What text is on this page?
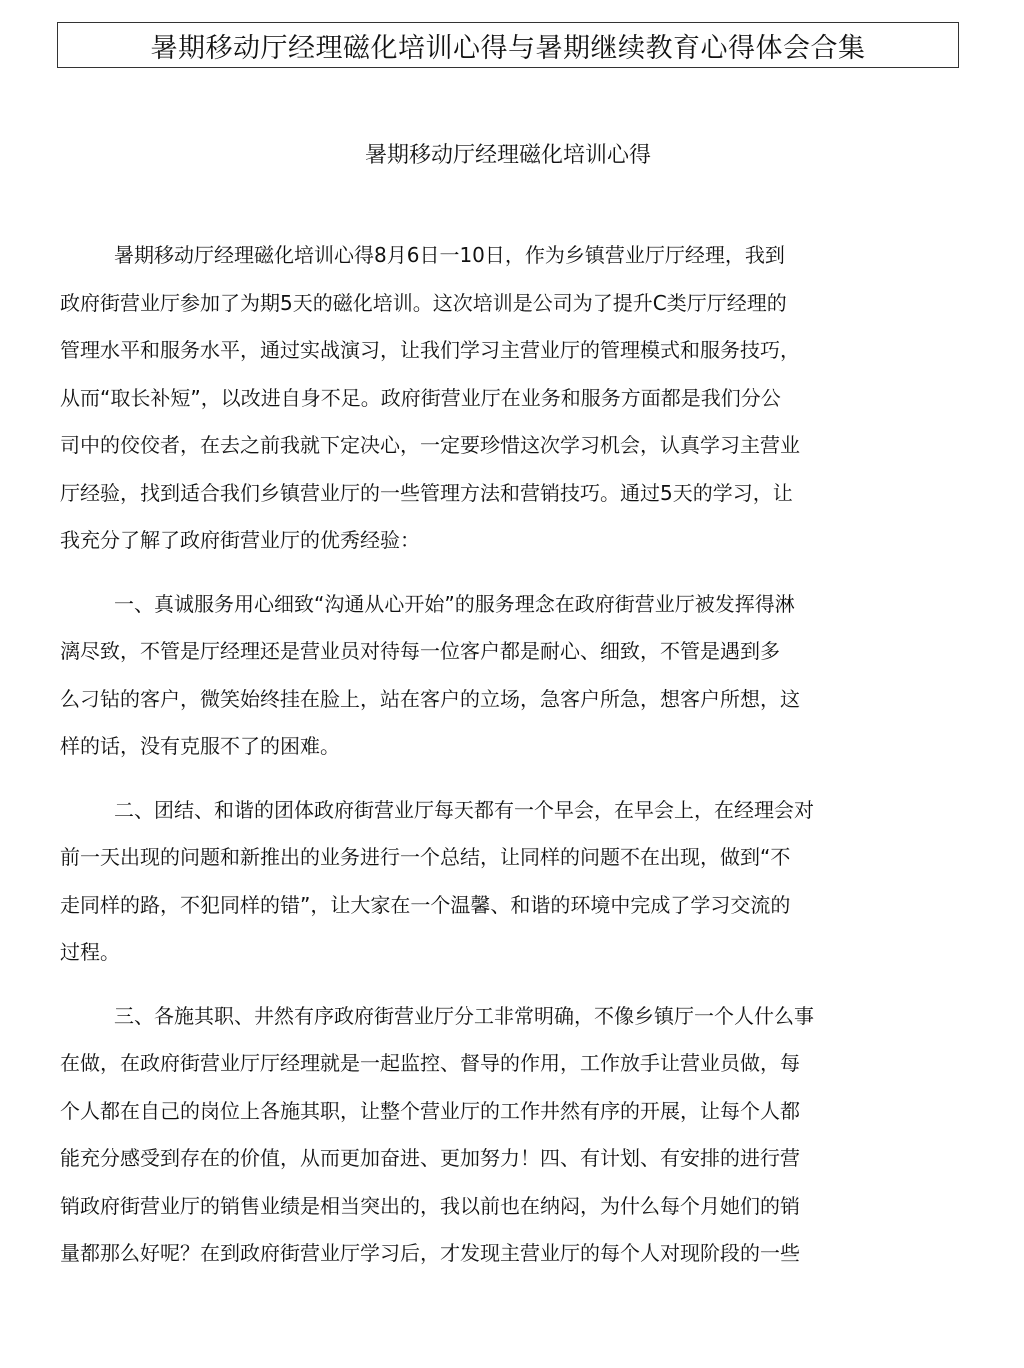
暑期移动厅经理磁化培训心得与暑期继续教育心得体会合集
暑期移动厅经理磁化培训心得
暑期移动厅经理磁化培训心得8月6日一10日，作为乡镇营业厅厅经理，我到
政府街营业厅参加了为期5天的磁化培训。这次培训是公司为了提升C类厅厅经理的
管理水平和服务水平，通过实战演习，让我们学习主营业厅的管理模式和服务技巧，
从而“取长补短”，以改进自身不足。政府街营业厅在业务和服务方面都是我们分公
司中的佼佼者，在去之前我就下定决心，一定要珍惜这次学习机会，认真学习主营业
厅经验，找到适合我们乡镇营业厅的一些管理方法和营销技巧。通过5天的学习，让
我充分了解了政府街营业厅的优秀经验：
一、真诚服务用心细致“沟通从心开始”的服务理念在政府街营业厅被发挥得淋
漓尽致，不管是厅经理还是营业员对待每一位客户都是耐心、细致，不管是遇到多
么刁钻的客户，微笑始终挂在脸上，站在客户的立场，急客户所急，想客户所想，这
样的话，没有克服不了的困难。
二、团结、和谐的团体政府街营业厅每天都有一个早会，在早会上，在经理会对
前一天出现的问题和新推出的业务进行一个总结，让同样的问题不在出现，做到“不
走同样的路，不犯同样的错”，让大家在一个温馨、和谐的环境中完成了学习交流的
过程。
三、各施其职、井然有序政府街营业厅分工非常明确，不像乡镇厅一个人什么事
在做，在政府街营业厅厅经理就是一起监控、督导的作用，工作放手让营业员做，每
个人都在自己的岗位上各施其职，让整个营业厅的工作井然有序的开展，让每个人都
能充分感受到存在的价值，从而更加奋进、更加努力！四、有计划、有安排的进行营
销政府街营业厅的销售业绩是相当突出的，我以前也在纳闷，为什么每个月她们的销
量都那么好呢？在到政府街营业厅学习后，才发现主营业厅的每个人对现阶段的一些
